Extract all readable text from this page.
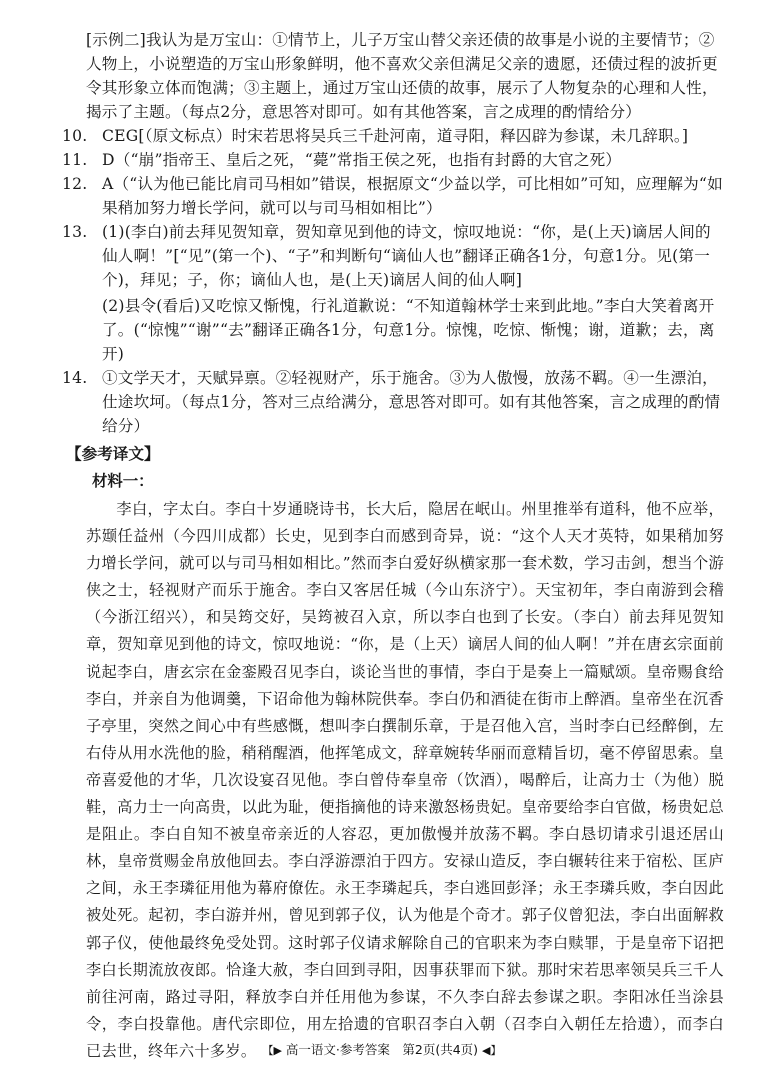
[示例二]我认为是万宝山：①情节上，儿子万宝山替父亲还债的故事是小说的主要情节；②人物上，小说塑造的万宝山形象鲜明，他不喜欢父亲但满足父亲的遗愿，还债过程的波折更令其形象立体而饱满；③主题上，通过万宝山还债的故事，展示了人物复杂的心理和人性，揭示了主题。（每点2分，意思答对即可。如有其他答案，言之成理的酌情给分）

10. CEG[（原文标点）时宋若思将吴兵三千赴河南，道寻阳，释囚辟为参谋，未几辞职。]
11. D（“崩”指帝王、皇后之死，“薨”常指王侯之死，也指有封爵的大官之死）
12. A（“认为他已能比肩司马相如”错误，根据原文“少益以学，可比相如”可知，应理解为“如果稍加努力增长学问，就可以与司马相如相比”）
13. (1)(李白)前去拜见贺知章，贺知章见到他的诗文，惊叹地说：“你，是(上天)谪居人间的仙人啊！”[“见”(第一个)、“子”和判断句“谪仙人也”翻译正确各1分，句意1分。见(第一个)，拜见；子，你；谪仙人也，是(上天)谪居人间的仙人啊]
(2)县令(看后)又吃惊又惭愧，行礼道歉说：“不知道翰林学士来到此地。”李白大笑着离开了。(“惊愧”“谢”“去”翻译正确各1分，句意1分。惊愧，吃惊、惭愧；谢，道歉；去，离开)
14. ①文学天才，天赋异禀。②轻视财产，乐于施舍。③为人傲慢，放荡不羁。④一生漂泊，仕途坎坷。（每点1分，答对三点给满分，意思答对即可。如有其他答案，言之成理的酌情给分）
【参考译文】
材料一：

李白，字太白。李白十岁通晓诗书，长大后，隐居在岷山。州里推举有道科，他不应举，苏颋任益州（今四川成都）长史，见到李白而感到奇异，说：“这个人天才英特，如果稍加努力增长学问，就可以与司马相如相比。”然而李白爱好纵横家那一套术数，学习击剑，想当个游侠之士，轻视财产而乐于施舍。李白又客居任城（今山东济宁）。天宝初年，李白南游到会稽（今浙江绍兴），和吴筠交好，吴筠被召入京，所以李白也到了长安。（李白）前去拜见贺知章，贺知章见到他的诗文，惊叹地说：“你，是（上天）谪居人间的仙人啊！”并在唐玄宗面前说起李白，唐玄宗在金銮殿召见李白，谈论当世的事情，李白于是奏上一篇赋颂。皇帝赐食给李白，并亲自为他调羹，下诏命他为翰林院供奉。李白仍和酒徒在街市上醉酒。皇帝坐在沉香子亭里，突然之间心中有些感慨，想叫李白撰制乐章，于是召他入宫，当时李白已经醉倒，左右侍从用水洗他的脸，稍稍醒酒，他挥笔成文，辞章婉转华丽而意精旨切，毫不停留思索。皇帝喜爱他的才华，几次设宴召见他。李白曾侍奉皇帝（饮酒），喝醉后，让高力士（为他）脱鞋，高力士一向高贵，以此为耻，便指摘他的诗来激怒杨贵妃。皇帝要给李白官做，杨贵妃总是阻止。李白自知不被皇帝亲近的人容忍，更加傲慢并放荡不羁。李白恳切请求引退还居山林，皇帝赏赐金帛放他回去。李白浮游漂泊于四方。安禄山造反，李白辗转往来于宿松、匡庐之间，永王李璘征用他为幕府僚佐。永王李璘起兵，李白逃回彭泽；永王李璘兵败，李白因此被处死。起初，李白游并州，曾见到郭子仪，认为他是个奇才。郭子仪曾犯法，李白出面解救郭子仪，使他最终免受处罚。这时郭子仪请求解除自己的官职来为李白赎罪，于是皇帝下诏把李白长期流放夜郎。恰逢大赦，李白回到寻阳，因事获罪而下狱。那时宋若思率领吴兵三千人前往河南，路过寻阳，释放李白并任用他为参谋，不久李白辞去参谋之职。李阳冰任当涂县令，李白投靠他。唐代宗即位，用左拾遗的官职召李白入朝（召李白入朝任左拾遗），而李白已去世，终年六十多岁。 【▶ 高一语文·参考答案　第2页(共4页) ◀】
